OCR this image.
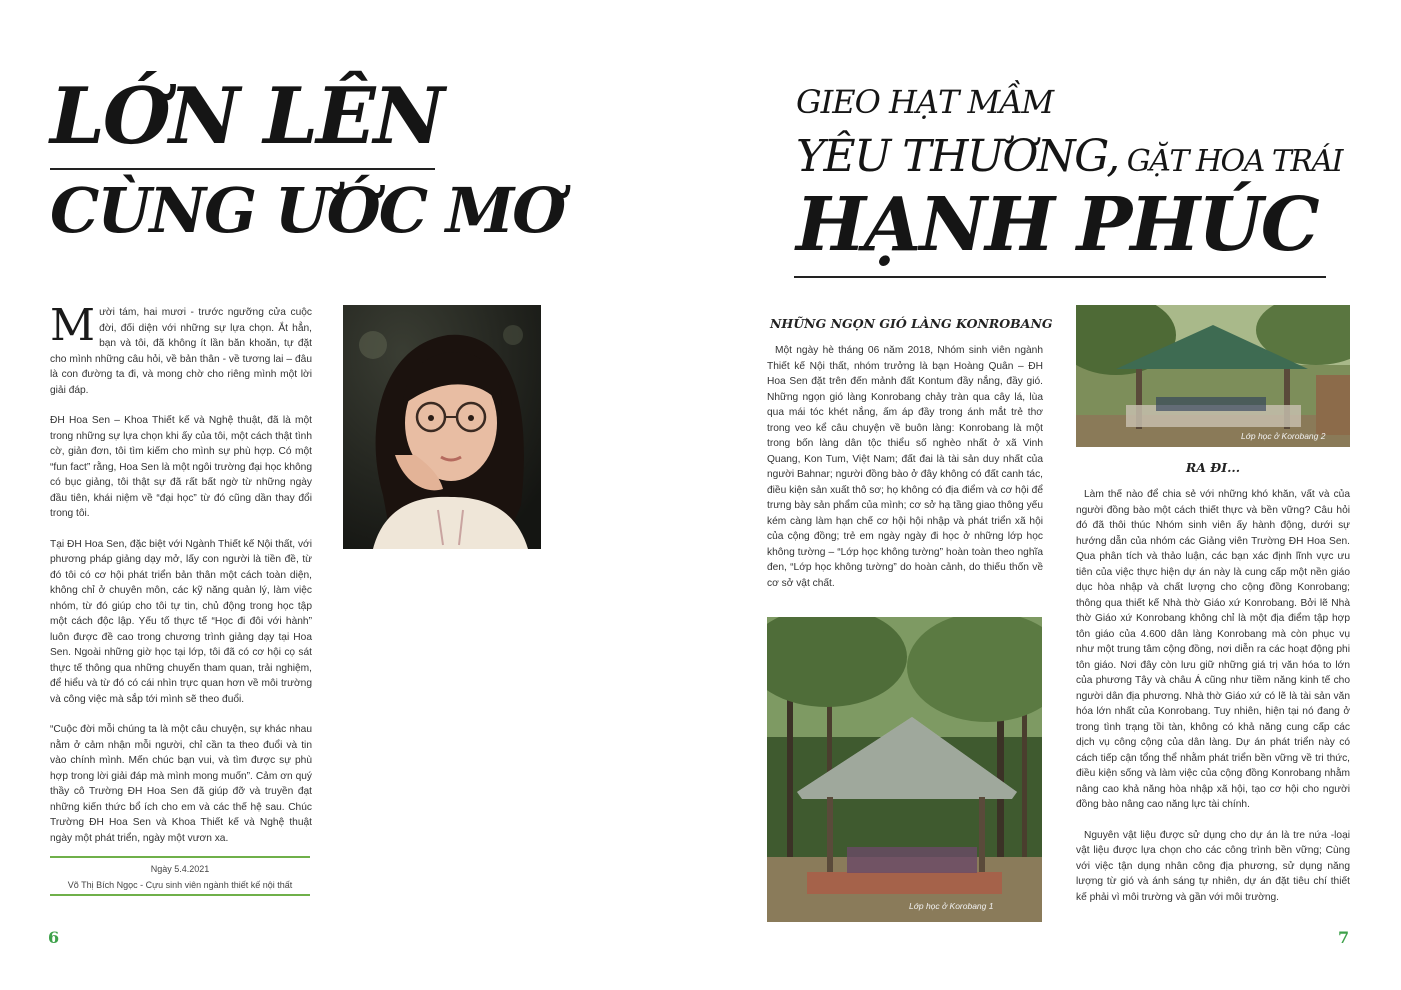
LỚN LÊN
CÙNG ƯỚC MƠ

Mười tám, hai mươi - trước ngưỡng cửa cuộc đời, đối diện với những sự lựa chọn. Ắt hẳn, bạn và tôi, đã không ít lần băn khoăn, tự đặt cho mình những câu hỏi, về bản thân - về tương lai – đâu là con đường ta đi, và mong chờ cho riêng mình một lời giải đáp.

ĐH Hoa Sen – Khoa Thiết kế và Nghệ thuật, đã là một trong những sự lựa chọn khi ấy của tôi, một cách thật tình cờ, giản đơn, tôi tìm kiếm cho mình sự phù hợp. Có một “fun fact” rằng, Hoa Sen là một ngôi trường đại học không có bục giảng, tôi thật sự đã rất bất ngờ từ những ngày đầu tiên, khái niệm về “đại học” từ đó cũng dần thay đổi trong tôi.

Tại ĐH Hoa Sen, đặc biệt với Ngành Thiết kế Nội thất, với phương pháp giảng dạy mở, lấy con người là tiền đề, từ đó tôi có cơ hội phát triển bản thân một cách toàn diện, không chỉ ở chuyên môn, các kỹ năng quản lý, làm việc nhóm, từ đó giúp cho tôi tự tin, chủ động trong học tập một cách độc lập. Yếu tố thực tế “Học đi đôi với hành” luôn được đề cao trong chương trình giảng dạy tại Hoa Sen. Ngoài những giờ học tại lớp, tôi đã có cơ hội cọ sát thực tế thông qua những chuyến tham quan, trải nghiệm, để hiểu và từ đó có cái nhìn trực quan hơn về môi trường và công việc mà sắp tới mình sẽ theo đuổi.

“Cuộc đời mỗi chúng ta là một câu chuyện, sự khác nhau nằm ở cảm nhận mỗi người, chỉ cần ta theo đuổi và tin vào chính mình. Mến chúc bạn vui, và tìm được sự phù hợp trong lời giải đáp mà mình mong muốn”. Cảm ơn quý thầy cô Trường ĐH Hoa Sen đã giúp đỡ và truyền đạt những kiến thức bổ ích cho em và các thế hệ sau. Chúc Trường ĐH Hoa Sen và Khoa Thiết kế và Nghệ thuật ngày một phát triển, ngày một vươn xa.

Ngày 5.4.2021
Võ Thị Bích Ngọc - Cựu sinh viên ngành thiết kế nội thất
6
GIEO HẠT MẦM
YÊU THƯƠNG, GẶT HOA TRÁI
HẠNH PHÚC
NHỮNG NGỌN GIÓ LÀNG KONROBANG

Một ngày hè tháng 06 năm 2018, Nhóm sinh viên ngành Thiết kế Nội thất, nhóm trưởng là bạn Hoàng Quân – ĐH Hoa Sen đặt trên đến mảnh đất Kontum đầy nắng, đầy gió. Những ngọn gió làng Konrobang chảy tràn qua cây lá, lùa qua mái tóc khét nắng, ấm áp đầy trong ánh mắt trẻ thơ trong veo kể câu chuyện về buôn làng: Konrobang là một trong bốn làng dân tộc thiểu số nghèo nhất ở xã Vinh Quang, Kon Tum, Việt Nam; đất đai là tài sản duy nhất của người Bahnar; người đồng bào ở đây không có đất canh tác, điều kiện sản xuất thô sơ; họ không có địa điểm và cơ hội để trưng bày sản phẩm của mình; cơ sở hạ tầng giao thông yếu kém càng làm hạn chế cơ hội hội nhập và phát triển xã hội của cộng đồng; trẻ em ngày ngày đi học ở những lớp học không tường – “Lớp học không tường” hoàn toàn theo nghĩa đen, “Lớp học không tường” do hoàn cảnh, do thiếu thốn về cơ sở vật chất.

Lớp học ở Korobang 2
RA ĐI...

Làm thế nào để chia sẻ với những khó khăn, vất và của người đồng bào một cách thiết thực và bền vững? Câu hỏi đó đã thôi thúc Nhóm sinh viên ấy hành động, dưới sự hướng dẫn của nhóm các Giảng viên Trường ĐH Hoa Sen. Qua phân tích và thảo luận, các bạn xác định lĩnh vực ưu tiên của việc thực hiện dự án này là cung cấp một nền giáo dục hòa nhập và chất lượng cho cộng đồng Konrobang; thông qua thiết kế Nhà thờ Giáo xứ Konrobang. Bởi lẽ Nhà thờ Giáo xứ Konrobang không chỉ là một địa điểm tập hợp tôn giáo của 4.600 dân làng Konrobang mà còn phục vụ như một trung tâm cộng đồng, nơi diễn ra các hoạt động phi tôn giáo. Nơi đây còn lưu giữ những giá trị văn hóa to lớn của phương Tây và châu Á cũng như tiềm năng kinh tế cho người dân địa phương. Nhà thờ Giáo xứ có lẽ là tài sản văn hóa lớn nhất của Konrobang. Tuy nhiên, hiện tại nó đang ở trong tình trạng tồi tàn, không có khả năng cung cấp các dịch vụ công cộng của dân làng. Dự án phát triển này có cách tiếp cận tổng thể nhằm phát triển bền vững về tri thức, điều kiện sống và làm việc của cộng đồng Konrobang nhằm nâng cao khả năng hòa nhập xã hội, tạo cơ hội cho người đồng bào nâng cao năng lực tài chính.

Nguyên vật liệu được sử dụng cho dự án là tre nứa -loại vật liệu được lựa chọn cho các công trình bền vững; Cùng với việc tận dụng nhân công địa phương, sử dụng năng lượng từ gió và ánh sáng tự nhiên, dự án đặt tiêu chí thiết kế phải vì môi trường và gần với môi trường.

Lớp học ở Korobang 1
7
